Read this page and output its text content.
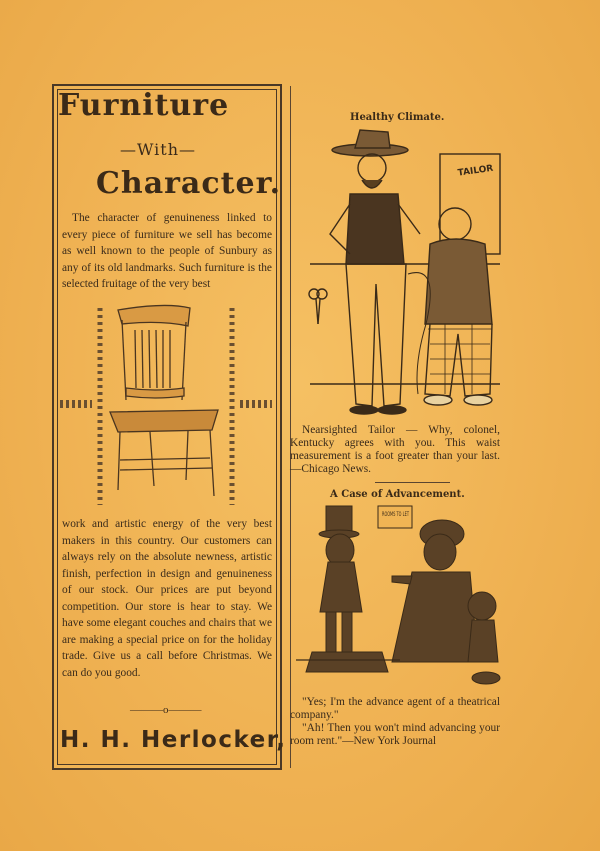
Furniture
—With—
Character.
The character of genuineness linked to every piece of furniture we sell has become as well known to the people of Sunbury as any of its old landmarks. Such furniture is the selected fruitage of the very best
work and artistic energy of the very best makers in this country. Our customers can always rely on the absolute newness, artistic finish, perfection in design and genuineness of our stock. Our prices are put beyond competition. Our store is hear to stay. We have some elegant couches and chairs that we are making a special price on for the holiday trade. Give us a call before Christmas. We can do you good.
———o———
H. H. Herlocker,
Healthy Climate.
TAILOR
Nearsighted Tailor — Why, colonel, Kentucky agrees with you. This waist measurement is a foot greater than your last.—Chicago News.
A Case of Advancement.
ROOMS TO LET
"Yes; I'm the advance agent of a theatrical company."
"Ah! Then you won't mind advancing your room rent."—New York Journal
